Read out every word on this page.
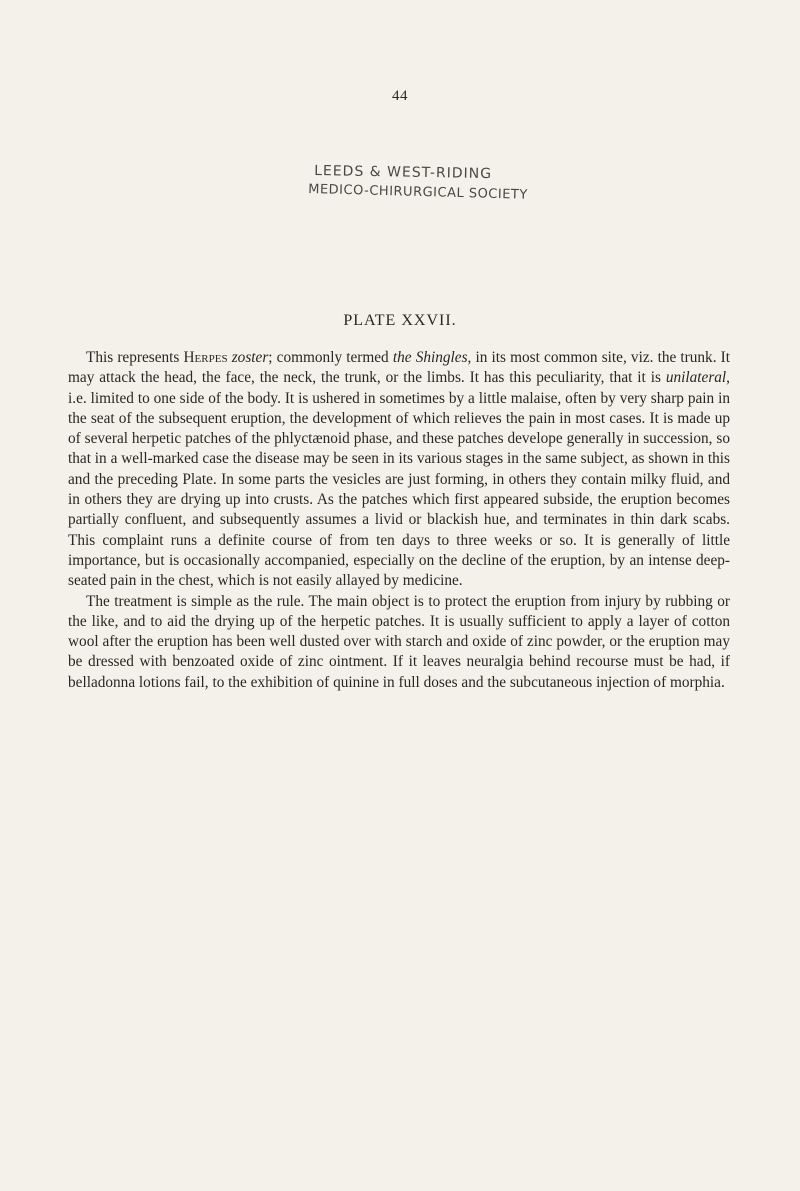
44
LEEDS & WEST-RIDING
MEDICO-CHIRURGICAL SOCIETY
PLATE XXVII.

This represents Herpes zoster; commonly termed the Shingles, in its most common site, viz. the trunk. It may attack the head, the face, the neck, the trunk, or the limbs. It has this peculiarity, that it is unilateral, i.e. limited to one side of the body. It is ushered in sometimes by a little malaise, often by very sharp pain in the seat of the subsequent eruption, the development of which relieves the pain in most cases. It is made up of several herpetic patches of the phlyctænoid phase, and these patches develope generally in succession, so that in a well-marked case the disease may be seen in its various stages in the same subject, as shown in this and the preceding Plate. In some parts the vesicles are just forming, in others they contain milky fluid, and in others they are drying up into crusts. As the patches which first appeared subside, the eruption becomes partially confluent, and subsequently assumes a livid or blackish hue, and terminates in thin dark scabs. This complaint runs a definite course of from ten days to three weeks or so. It is generally of little importance, but is occasionally accompanied, especially on the decline of the eruption, by an intense deep-seated pain in the chest, which is not easily allayed by medicine.

The treatment is simple as the rule. The main object is to protect the eruption from injury by rubbing or the like, and to aid the drying up of the herpetic patches. It is usually sufficient to apply a layer of cotton wool after the eruption has been well dusted over with starch and oxide of zinc powder, or the eruption may be dressed with benzoated oxide of zinc ointment. If it leaves neuralgia behind recourse must be had, if belladonna lotions fail, to the exhibition of quinine in full doses and the subcutaneous injection of morphia.
